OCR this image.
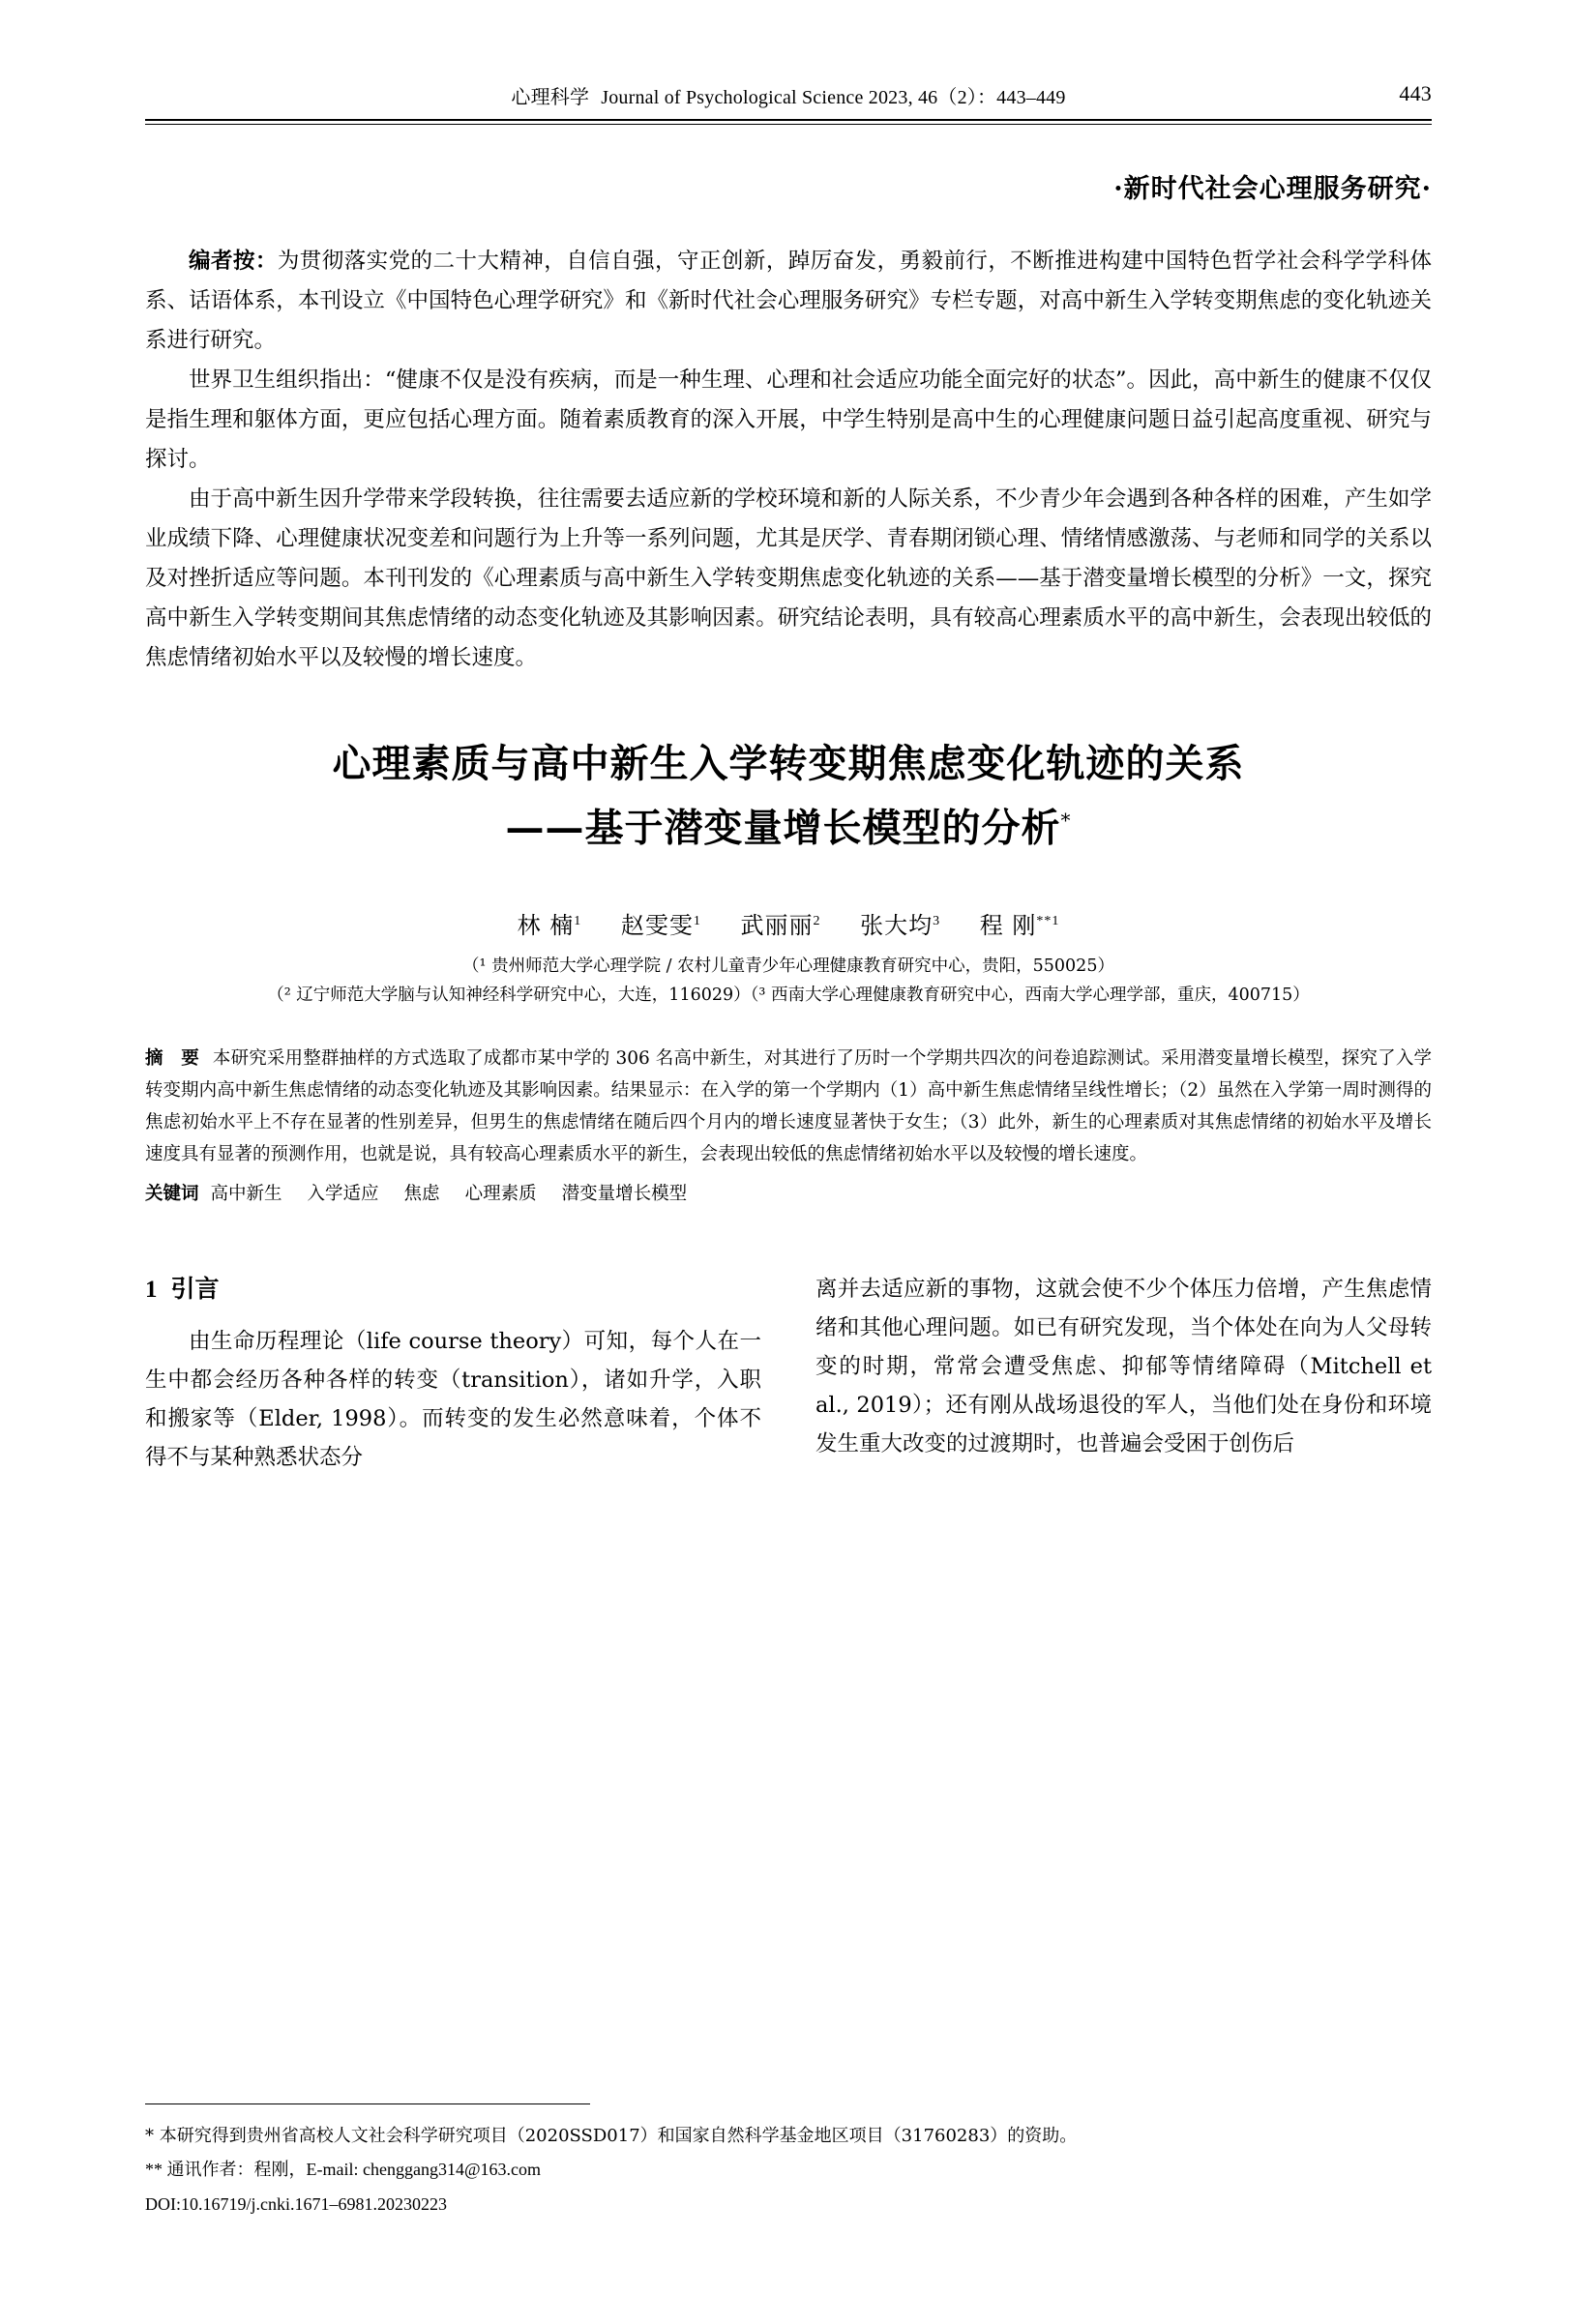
心理科学 Journal of Psychological Science 2023, 46（2）：443–449	443
·新时代社会心理服务研究·

编者按：为贯彻落实党的二十大精神，自信自强，守正创新，踔厉奋发，勇毅前行，不断推进构建中国特色哲学社会科学学科体系、话语体系，本刊设立《中国特色心理学研究》和《新时代社会心理服务研究》专栏专题，对高中新生入学转变期焦虑的变化轨迹关系进行研究。

世界卫生组织指出：“健康不仅是没有疾病，而是一种生理、心理和社会适应功能全面完好的状态”。因此，高中新生的健康不仅仅是指生理和躯体方面，更应包括心理方面。随着素质教育的深入开展，中学生特别是高中生的心理健康问题日益引起高度重视、研究与探讨。

由于高中新生因升学带来学段转换，往往需要去适应新的学校环境和新的人际关系，不少青少年会遇到各种各样的困难，产生如学业成绩下降、心理健康状况变差和问题行为上升等一系列问题，尤其是厌学、青春期闭锁心理、情绪情感激荡、与老师和同学的关系以及对挫折适应等问题。本刊刊发的《心理素质与高中新生入学转变期焦虑变化轨迹的关系——基于潜变量增长模型的分析》一文，探究高中新生入学转变期间其焦虑情绪的动态变化轨迹及其影响因素。研究结论表明，具有较高心理素质水平的高中新生，会表现出较低的焦虑情绪初始水平以及较慢的增长速度。

心理素质与高中新生入学转变期焦虑变化轨迹的关系
——基于潜变量增长模型的分析*
林 楠$^1$ 赵雯雯$^1$ 武丽丽$^2$ 张大均$^3$ 程 刚$^{**1}$
（¹ 贵州师范大学心理学院 / 农村儿童青少年心理健康教育研究中心，贵阳，550025）
（² 辽宁师范大学脑与认知神经科学研究中心，大连，116029）（³ 西南大学心理健康教育研究中心，西南大学心理学部，重庆，400715）
摘 要 本研究采用整群抽样的方式选取了成都市某中学的 306 名高中新生，对其进行了历时一个学期共四次的问卷追踪测试。采用潜变量增长模型，探究了入学转变期内高中新生焦虑情绪的动态变化轨迹及其影响因素。结果显示：在入学的第一个学期内（1）高中新生焦虑情绪呈线性增长；（2）虽然在入学第一周时测得的焦虑初始水平上不存在显著的性别差异，但男生的焦虑情绪在随后四个月内的增长速度显著快于女生；（3）此外，新生的心理素质对其焦虑情绪的初始水平及增长速度具有显著的预测作用，也就是说，具有较高心理素质水平的新生，会表现出较低的焦虑情绪初始水平以及较慢的增长速度。
关键词 高中新生 入学适应 焦虑 心理素质 潜变量增长模型
1 引言

由生命历程理论（life course theory）可知，每个人在一生中都会经历各种各样的转变（transition），诸如升学，入职和搬家等（Elder, 1998）。而转变的发生必然意味着，个体不得不与某种熟悉状态分

离并去适应新的事物，这就会使不少个体压力倍增，产生焦虑情绪和其他心理问题。如已有研究发现，当个体处在向为人父母转变的时期，常常会遭受焦虑、抑郁等情绪障碍（Mitchell et al., 2019）；还有刚从战场退役的军人，当他们处在身份和环境发生重大改变的过渡期时，也普遍会受困于创伤后

* 本研究得到贵州省高校人文社会科学研究项目（2020SSD017）和国家自然科学基金地区项目（31760283）的资助。
** 通讯作者：程刚，E-mail: chenggang314@163.com
DOI:10.16719/j.cnki.1671–6981.20230223
